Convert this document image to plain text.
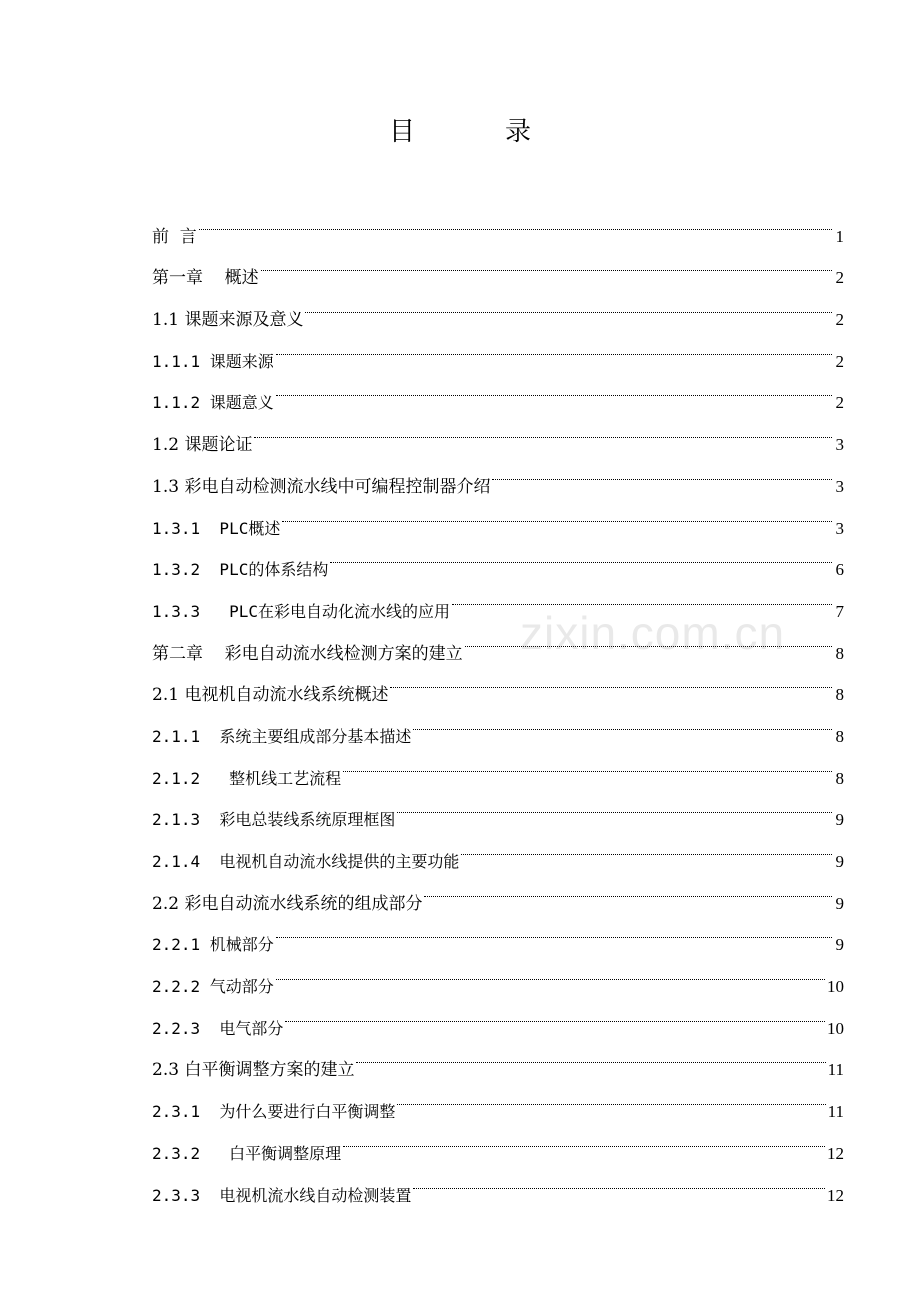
目　录
前  言	1
第一章    概述	2
1.1 课题来源及意义	2
1.1.1 课题来源	2
1.1.2 课题意义	2
1.2 课题论证	3
1.3 彩电自动检测流水线中可编程控制器介绍	3
1.3.1  PLC概述	3
1.3.2  PLC的体系结构	6
1.3.3   PLC在彩电自动化流水线的应用	7
第二章    彩电自动流水线检测方案的建立	8
2.1 电视机自动流水线系统概述	8
2.1.1  系统主要组成部分基本描述	8
2.1.2   整机线工艺流程	8
2.1.3  彩电总装线系统原理框图	9
2.1.4  电视机自动流水线提供的主要功能	9
2.2 彩电自动流水线系统的组成部分	9
2.2.1 机械部分	9
2.2.2 气动部分	10
2.2.3  电气部分	10
2.3 白平衡调整方案的建立	11
2.3.1  为什么要进行白平衡调整	11
2.3.2   白平衡调整原理	12
2.3.3  电视机流水线自动检测装置	12
zixin.com.cn
